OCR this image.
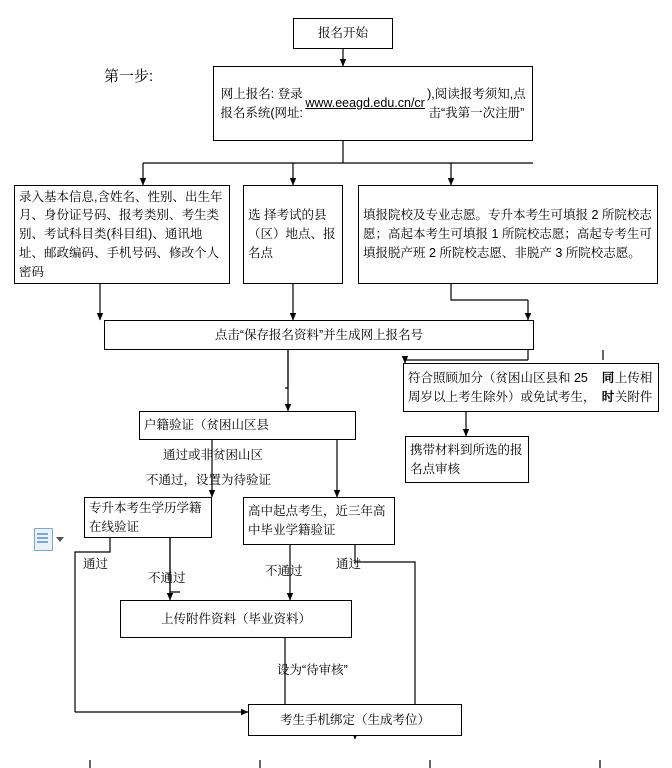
第一步:
报名开始
网上报名: 登录报名系统(网址:
www.eeagd.edu.cn/cr
),阅读报考须知,点击“我第一次注册”
录入基本信息,含姓名、性别、出生年月、身份证号码、报考类别、考生类别、考试科目类(科目组)、通讯地址、邮政编码、手机号码、修改个人密码
选 择考试的县（区）地点、报名点
填报院校及专业志愿。专升本考生可填报 2 所院校志愿；高起本考生可填报 1 所院校志愿；高起专考生可填报脱产班 2 所院校志愿、非脱产 3 所院校志愿。
点击“保存报名资料”并生成网上报名号
符合照顾加分（贫困山区县和 25 周岁以上考生除外）或免试考生，
同时
上传相关附件
户籍验证（贫困山区县
携带材料到所选的报名点审核
专升本考生学历学籍在线验证
高中起点考生，近三年高中毕业学籍验证
上传附件资料（毕业资料）
考生手机绑定（生成考位）
通过或非贫困山区
不通过，设置为待验证
通过
不通过	不通过	通过
设为“待审核”
